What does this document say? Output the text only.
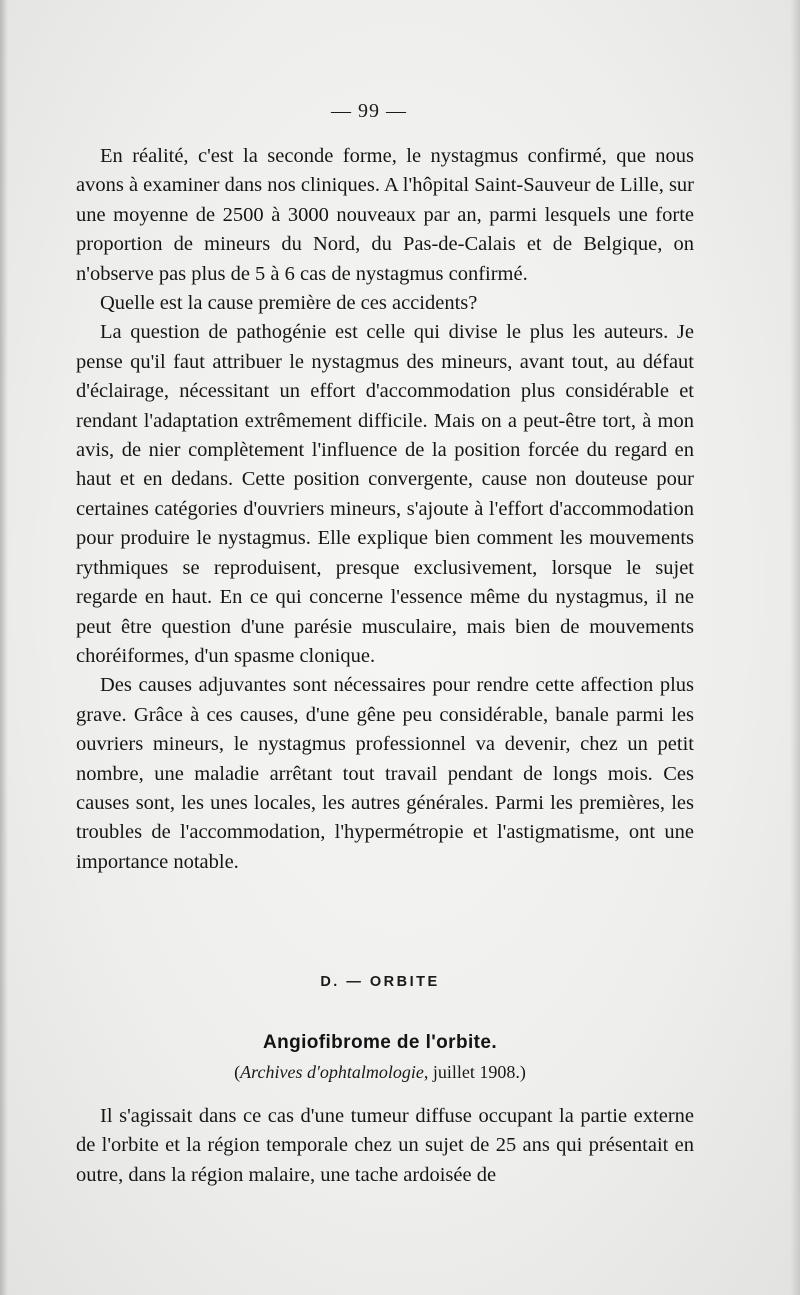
— 99 —

En réalité, c'est la seconde forme, le nystagmus confirmé, que nous avons à examiner dans nos cliniques. A l'hôpital Saint-Sauveur de Lille, sur une moyenne de 2500 à 3000 nouveaux par an, parmi lesquels une forte proportion de mineurs du Nord, du Pas-de-Calais et de Belgique, on n'observe pas plus de 5 à 6 cas de nystagmus confirmé.

Quelle est la cause première de ces accidents?

La question de pathogénie est celle qui divise le plus les auteurs. Je pense qu'il faut attribuer le nystagmus des mineurs, avant tout, au défaut d'éclairage, nécessitant un effort d'accommodation plus considérable et rendant l'adaptation extrêmement difficile. Mais on a peut-être tort, à mon avis, de nier complètement l'influence de la position forcée du regard en haut et en dedans. Cette position convergente, cause non douteuse pour certaines catégories d'ouvriers mineurs, s'ajoute à l'effort d'accommodation pour produire le nystagmus. Elle explique bien comment les mouvements rythmiques se reproduisent, presque exclusivement, lorsque le sujet regarde en haut. En ce qui concerne l'essence même du nystagmus, il ne peut être question d'une parésie musculaire, mais bien de mouvements choréiformes, d'un spasme clonique.

Des causes adjuvantes sont nécessaires pour rendre cette affection plus grave. Grâce à ces causes, d'une gêne peu considérable, banale parmi les ouvriers mineurs, le nystagmus professionnel va devenir, chez un petit nombre, une maladie arrêtant tout travail pendant de longs mois. Ces causes sont, les unes locales, les autres générales. Parmi les premières, les troubles de l'accommodation, l'hypermétropie et l'astigmatisme, ont une importance notable.

D. — ORBITE
Angiofibrome de l'orbite.
(Archives d'ophtalmologie, juillet 1908.)

Il s'agissait dans ce cas d'une tumeur diffuse occupant la partie externe de l'orbite et la région temporale chez un sujet de 25 ans qui présentait en outre, dans la région malaire, une tache ardoisée de
